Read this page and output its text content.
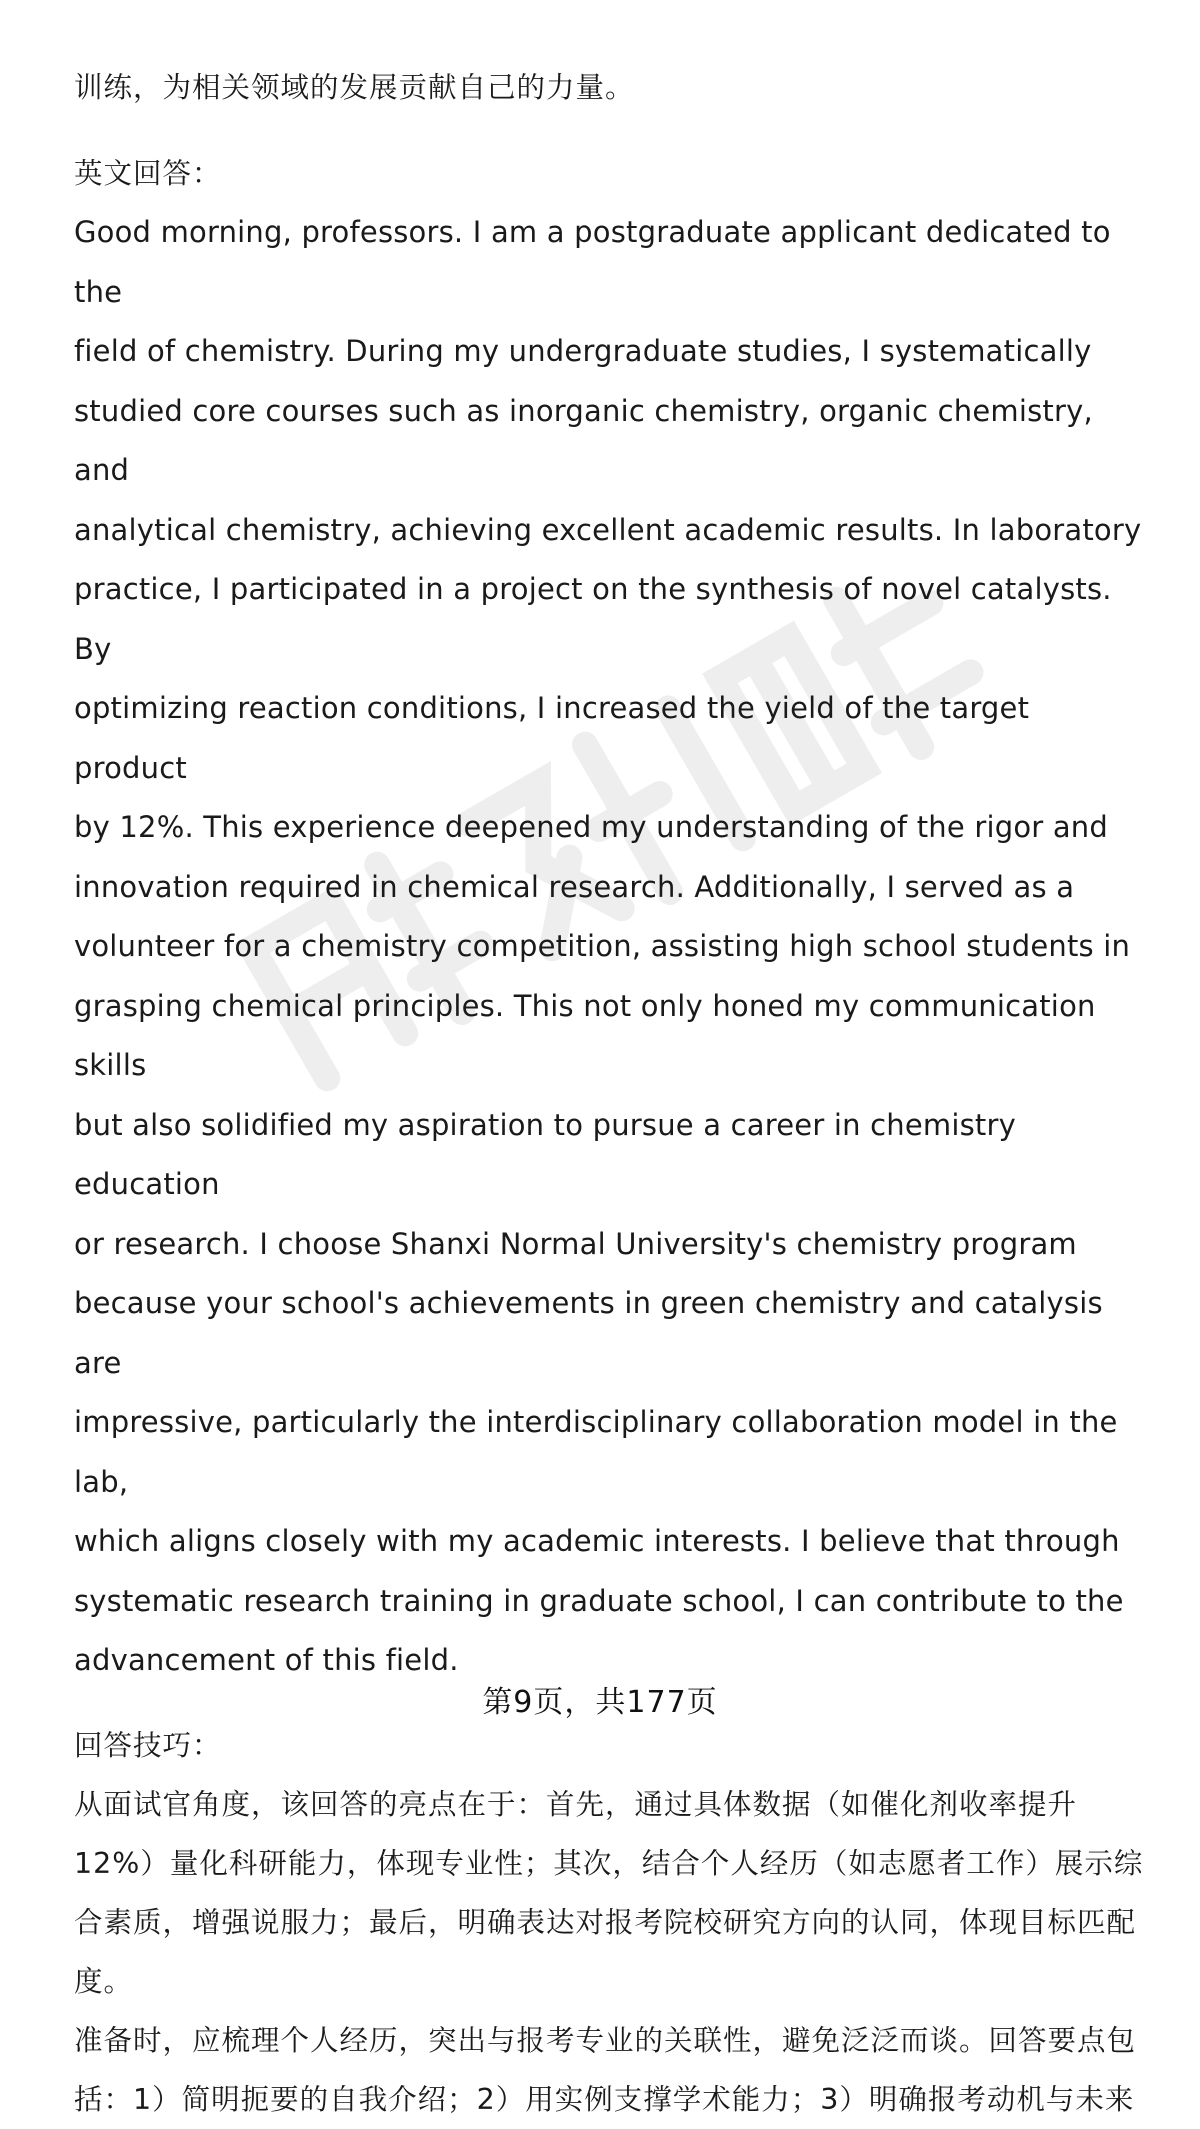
训练，为相关领域的发展贡献自己的力量。

英文回答：

Good morning, professors. I am a postgraduate applicant dedicated to the
field of chemistry. During my undergraduate studies, I systematically
studied core courses such as inorganic chemistry, organic chemistry, and
analytical chemistry, achieving excellent academic results. In laboratory
practice, I participated in a project on the synthesis of novel catalysts. By
optimizing reaction conditions, I increased the yield of the target product
by 12%. This experience deepened my understanding of the rigor and
innovation required in chemical research. Additionally, I served as a
volunteer for a chemistry competition, assisting high school students in
grasping chemical principles. This not only honed my communication skills
but also solidified my aspiration to pursue a career in chemistry education
or research. I choose Shanxi Normal University's chemistry program
because your school's achievements in green chemistry and catalysis are
impressive, particularly the interdisciplinary collaboration model in the lab,
which aligns closely with my academic interests. I believe that through
systematic research training in graduate school, I can contribute to the
advancement of this field.

回答技巧：

从面试官角度，该回答的亮点在于：首先，通过具体数据（如催化剂收率提升
12%）量化科研能力，体现专业性；其次，结合个人经历（如志愿者工作）展示综
合素质，增强说服力；最后，明确表达对报考院校研究方向的认同，体现目标匹配
度。
准备时，应梳理个人经历，突出与报考专业的关联性，避免泛泛而谈。回答要点包
括：1）简明扼要的自我介绍；2）用实例支撑学术能力；3）明确报考动机与未来
第9页，共177页
